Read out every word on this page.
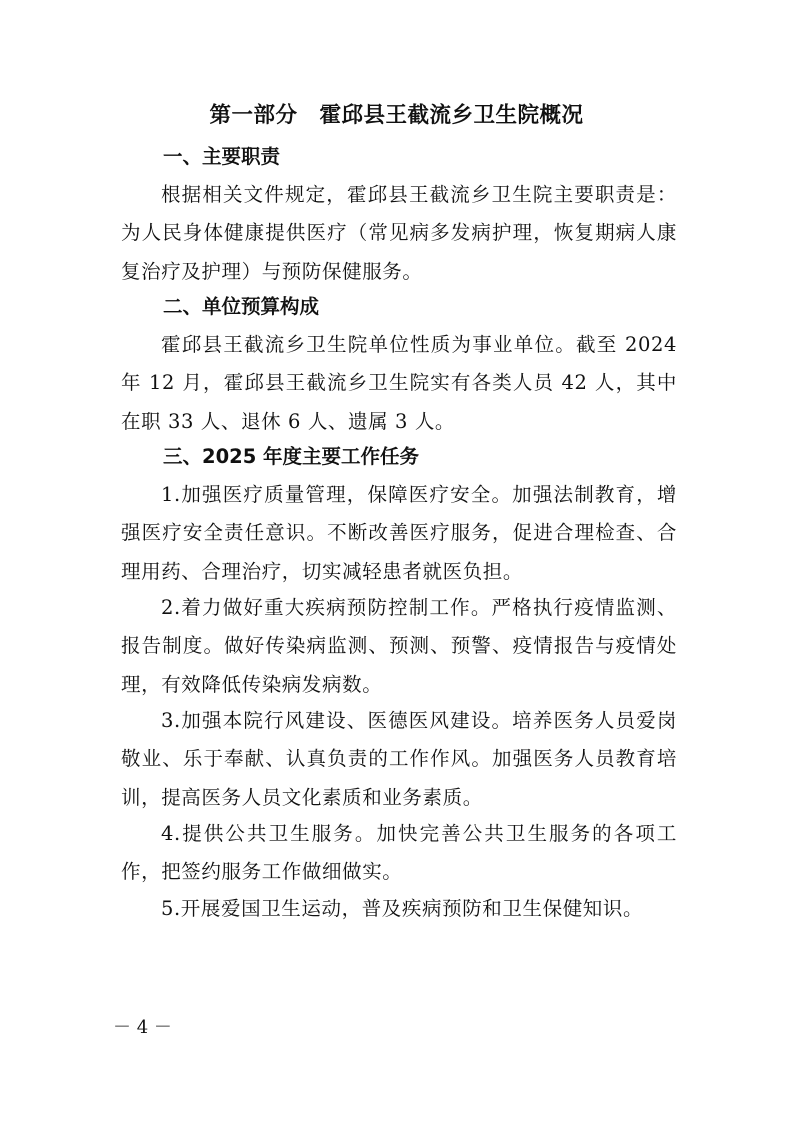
第一部分　霍邱县王截流乡卫生院概况
一、主要职责

根据相关文件规定，霍邱县王截流乡卫生院主要职责是：为人民身体健康提供医疗（常见病多发病护理，恢复期病人康复治疗及护理）与预防保健服务。

二、单位预算构成

霍邱县王截流乡卫生院单位性质为事业单位。截至 2024 年 12 月，霍邱县王截流乡卫生院实有各类人员 42 人，其中在职 33 人、退休 6 人、遗属 3 人。

三、2025 年度主要工作任务

1.加强医疗质量管理，保障医疗安全。加强法制教育，增强医疗安全责任意识。不断改善医疗服务，促进合理检查、合理用药、合理治疗，切实减轻患者就医负担。

2.着力做好重大疾病预防控制工作。严格执行疫情监测、报告制度。做好传染病监测、预测、预警、疫情报告与疫情处理，有效降低传染病发病数。

3.加强本院行风建设、医德医风建设。培养医务人员爱岗敬业、乐于奉献、认真负责的工作作风。加强医务人员教育培训，提高医务人员文化素质和业务素质。

4.提供公共卫生服务。加快完善公共卫生服务的各项工作，把签约服务工作做细做实。

5.开展爱国卫生运动，普及疾病预防和卫生保健知识。

－ 4 －
